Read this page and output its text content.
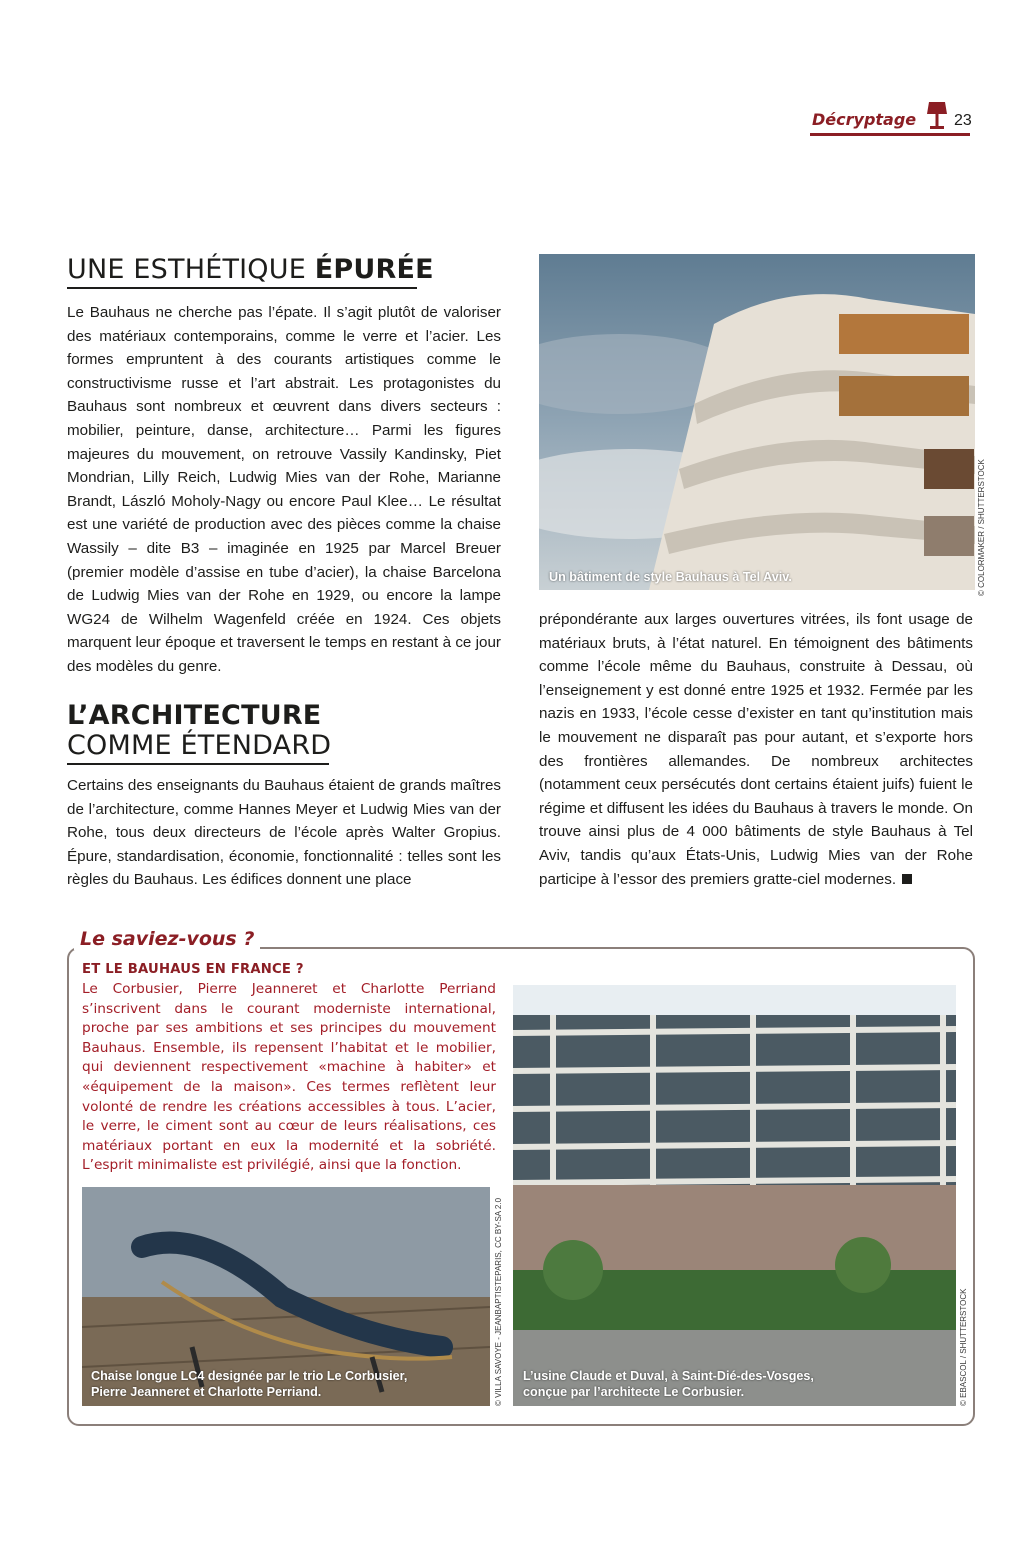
Décryptage 23
UNE ESTHÉTIQUE ÉPURÉE

Le Bauhaus ne cherche pas l’épate. Il s’agit plutôt de valoriser des matériaux contemporains, comme le verre et l’acier. Les formes empruntent à des courants artistiques comme le constructivisme russe et l’art abstrait. Les protagonistes du Bauhaus sont nombreux et œuvrent dans divers secteurs : mobilier, peinture, danse, architecture… Parmi les figures majeures du mouvement, on retrouve Vassily Kandinsky, Piet Mondrian, Lilly Reich, Ludwig Mies van der Rohe, Marianne Brandt, László Moholy-Nagy ou encore Paul Klee… Le résultat est une variété de production avec des pièces comme la chaise Wassily – dite B3 – imaginée en 1925 par Marcel Breuer (premier modèle d’assise en tube d’acier), la chaise Barcelona de Ludwig Mies van der Rohe en 1929, ou encore la lampe WG24 de Wilhelm Wagenfeld créée en 1924. Ces objets marquent leur époque et traversent le temps en restant à ce jour des modèles du genre.

L’ARCHITECTURE
COMME ÉTENDARD

Certains des enseignants du Bauhaus étaient de grands maîtres de l’architecture, comme Hannes Meyer et Ludwig Mies van der Rohe, tous deux directeurs de l’école après Walter Gropius. Épure, standardisation, économie, fonctionnalité : telles sont les règles du Bauhaus. Les édifices donnent une place

Un bâtiment de style Bauhaus à Tel Aviv.	© COLORMAKER / SHUTTERSTOCK

prépondérante aux larges ouvertures vitrées, ils font usage de matériaux bruts, à l’état naturel. En témoignent des bâtiments comme l’école même du Bauhaus, construite à Dessau, où l’enseignement y est donné entre 1925 et 1932. Fermée par les nazis en 1933, l’école cesse d’exister en tant qu’institution mais le mouvement ne disparaît pas pour autant, et s’exporte hors des frontières allemandes. De nombreux architectes (notamment ceux persécutés dont certains étaient juifs) fuient le régime et diffusent les idées du Bauhaus à travers le monde. On trouve ainsi plus de 4 000 bâtiments de style Bauhaus à Tel Aviv, tandis qu’aux États-Unis, Ludwig Mies van der Rohe participe à l’essor des premiers gratte-ciel modernes.

Le saviez-vous ?
ET LE BAUHAUS EN FRANCE ?
Le Corbusier, Pierre Jeanneret et Charlotte Perriand s’inscrivent dans le courant moderniste international, proche par ses ambitions et ses principes du mouvement Bauhaus. Ensemble, ils repensent l’habitat et le mobilier, qui deviennent respectivement «machine à habiter» et «équipement de la maison». Ces termes reflètent leur volonté de rendre les créations accessibles à tous. L’acier, le verre, le ciment sont au cœur de leurs réalisations, ces matériaux portant en eux la modernité et la sobriété. L’esprit minimaliste est privilégié, ainsi que la fonction.
Chaise longue LC4 designée par le trio Le Corbusier,
Pierre Jeanneret et Charlotte Perriand.	© VILLA SAVOYE - JEANBAPTISTEPARIS, CC BY-SA 2.0 L’usine Claude et Duval, à Saint-Dié-des-Vosges,
conçue par l’architecte Le Corbusier.	© EBASCOL / SHUTTERSTOCK
